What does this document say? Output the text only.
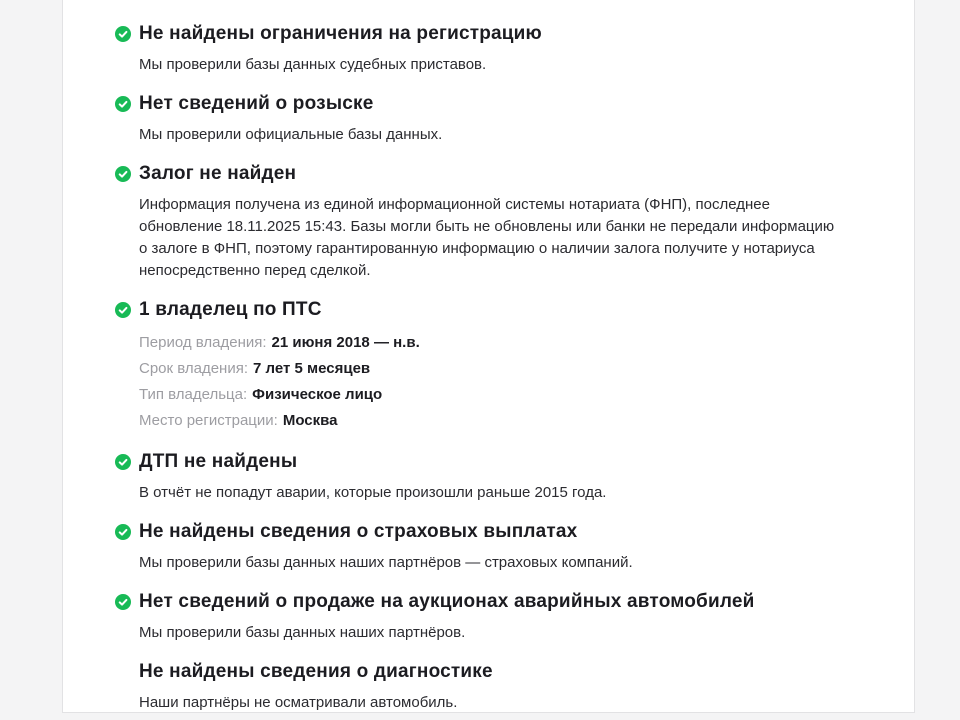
Не найдены ограничения на регистрацию

Мы проверили базы данных судебных приставов.

Нет сведений о розыске

Мы проверили официальные базы данных.

Залог не найден

Информация получена из единой информационной системы нотариата (ФНП), последнее обновление 18.11.2025 15:43. Базы могли быть не обновлены или банки не передали информацию о залоге в ФНП, поэтому гарантированную информацию о наличии залога получите у нотариуса непосредственно перед сделкой.

1 владелец по ПТС
Период владения: 21 июня 2018 — н.в.
Срок владения: 7 лет 5 месяцев
Тип владельца: Физическое лицо
Место регистрации: Москва
ДТП не найдены

В отчёт не попадут аварии, которые произошли раньше 2015 года.

Не найдены сведения о страховых выплатах

Мы проверили базы данных наших партнёров — страховых компаний.

Нет сведений о продаже на аукционах аварийных автомобилей

Мы проверили базы данных наших партнёров.

Не найдены сведения о диагностике

Наши партнёры не осматривали автомобиль.
